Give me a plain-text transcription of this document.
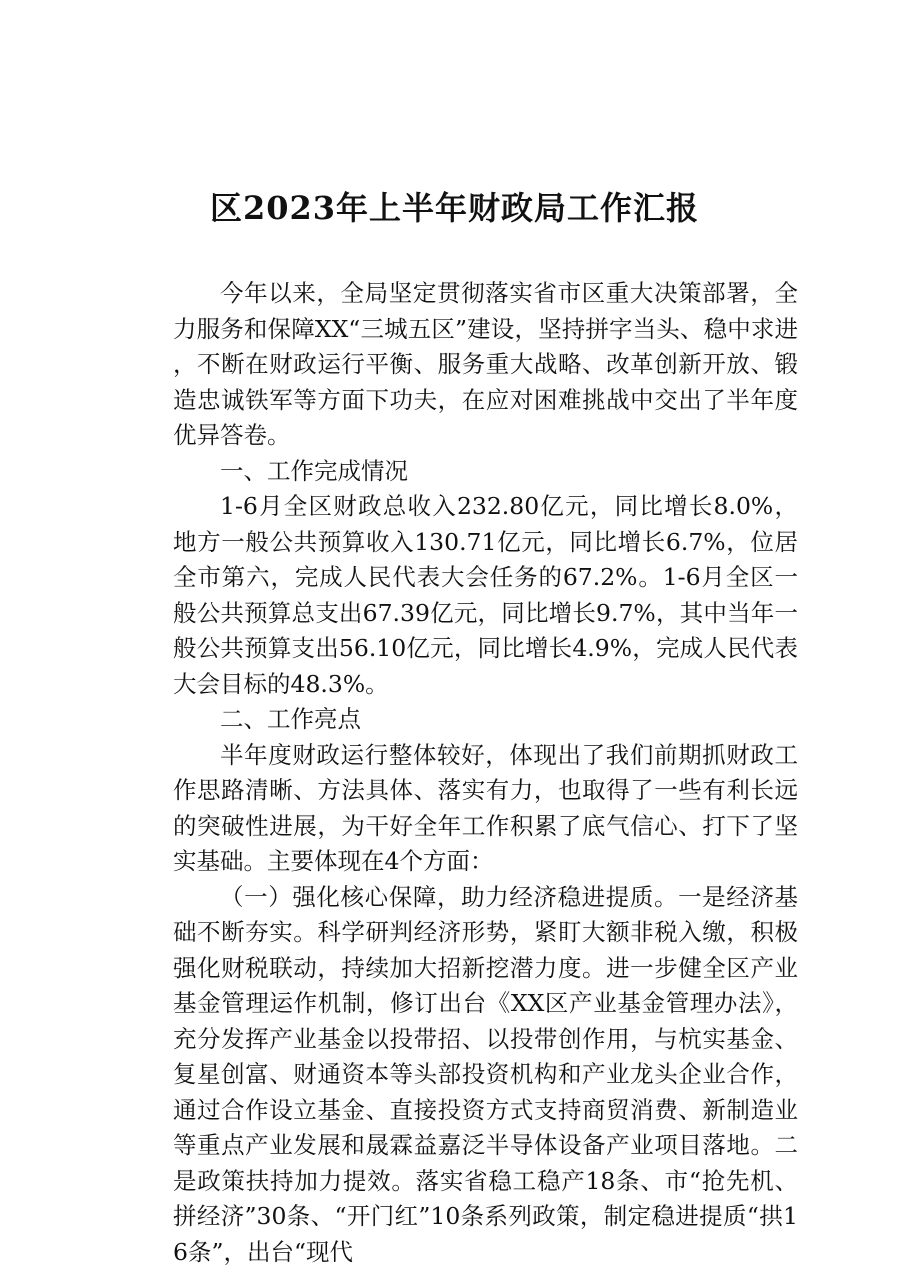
区2023年上半年财政局工作汇报

今年以来，全局坚定贯彻落实省市区重大决策部署，全力服务和保障XX“三城五区”建设，坚持拼字当头、稳中求进，不断在财政运行平衡、服务重大战略、改革创新开放、锻造忠诚铁军等方面下功夫，在应对困难挑战中交出了半年度优异答卷。

一、工作完成情况

1-6月全区财政总收入232.80亿元，同比增长8.0%，地方一般公共预算收入130.71亿元，同比增长6.7%，位居全市第六，完成人民代表大会任务的67.2%。1-6月全区一般公共预算总支出67.39亿元，同比增长9.7%，其中当年一般公共预算支出56.10亿元，同比增长4.9%，完成人民代表大会目标的48.3%。

二、工作亮点

半年度财政运行整体较好，体现出了我们前期抓财政工作思路清晰、方法具体、落实有力，也取得了一些有利长远的突破性进展，为干好全年工作积累了底气信心、打下了坚实基础。主要体现在4个方面：

（一）强化核心保障，助力经济稳进提质。一是经济基础不断夯实。科学研判经济形势，紧盯大额非税入缴，积极强化财税联动，持续加大招新挖潜力度。进一步健全区产业基金管理运作机制，修订出台《XX区产业基金管理办法》，充分发挥产业基金以投带招、以投带创作用，与杭实基金、复星创富、财通资本等头部投资机构和产业龙头企业合作，通过合作设立基金、直接投资方式支持商贸消费、新制造业等重点产业发展和晟霖益嘉泛半导体设备产业项目落地。二是政策扶持加力提效。落实省稳工稳产18条、市“抢先机、拼经济”30条、“开门红”10条系列政策，制定稳进提质“拱16条”，出台“现代
